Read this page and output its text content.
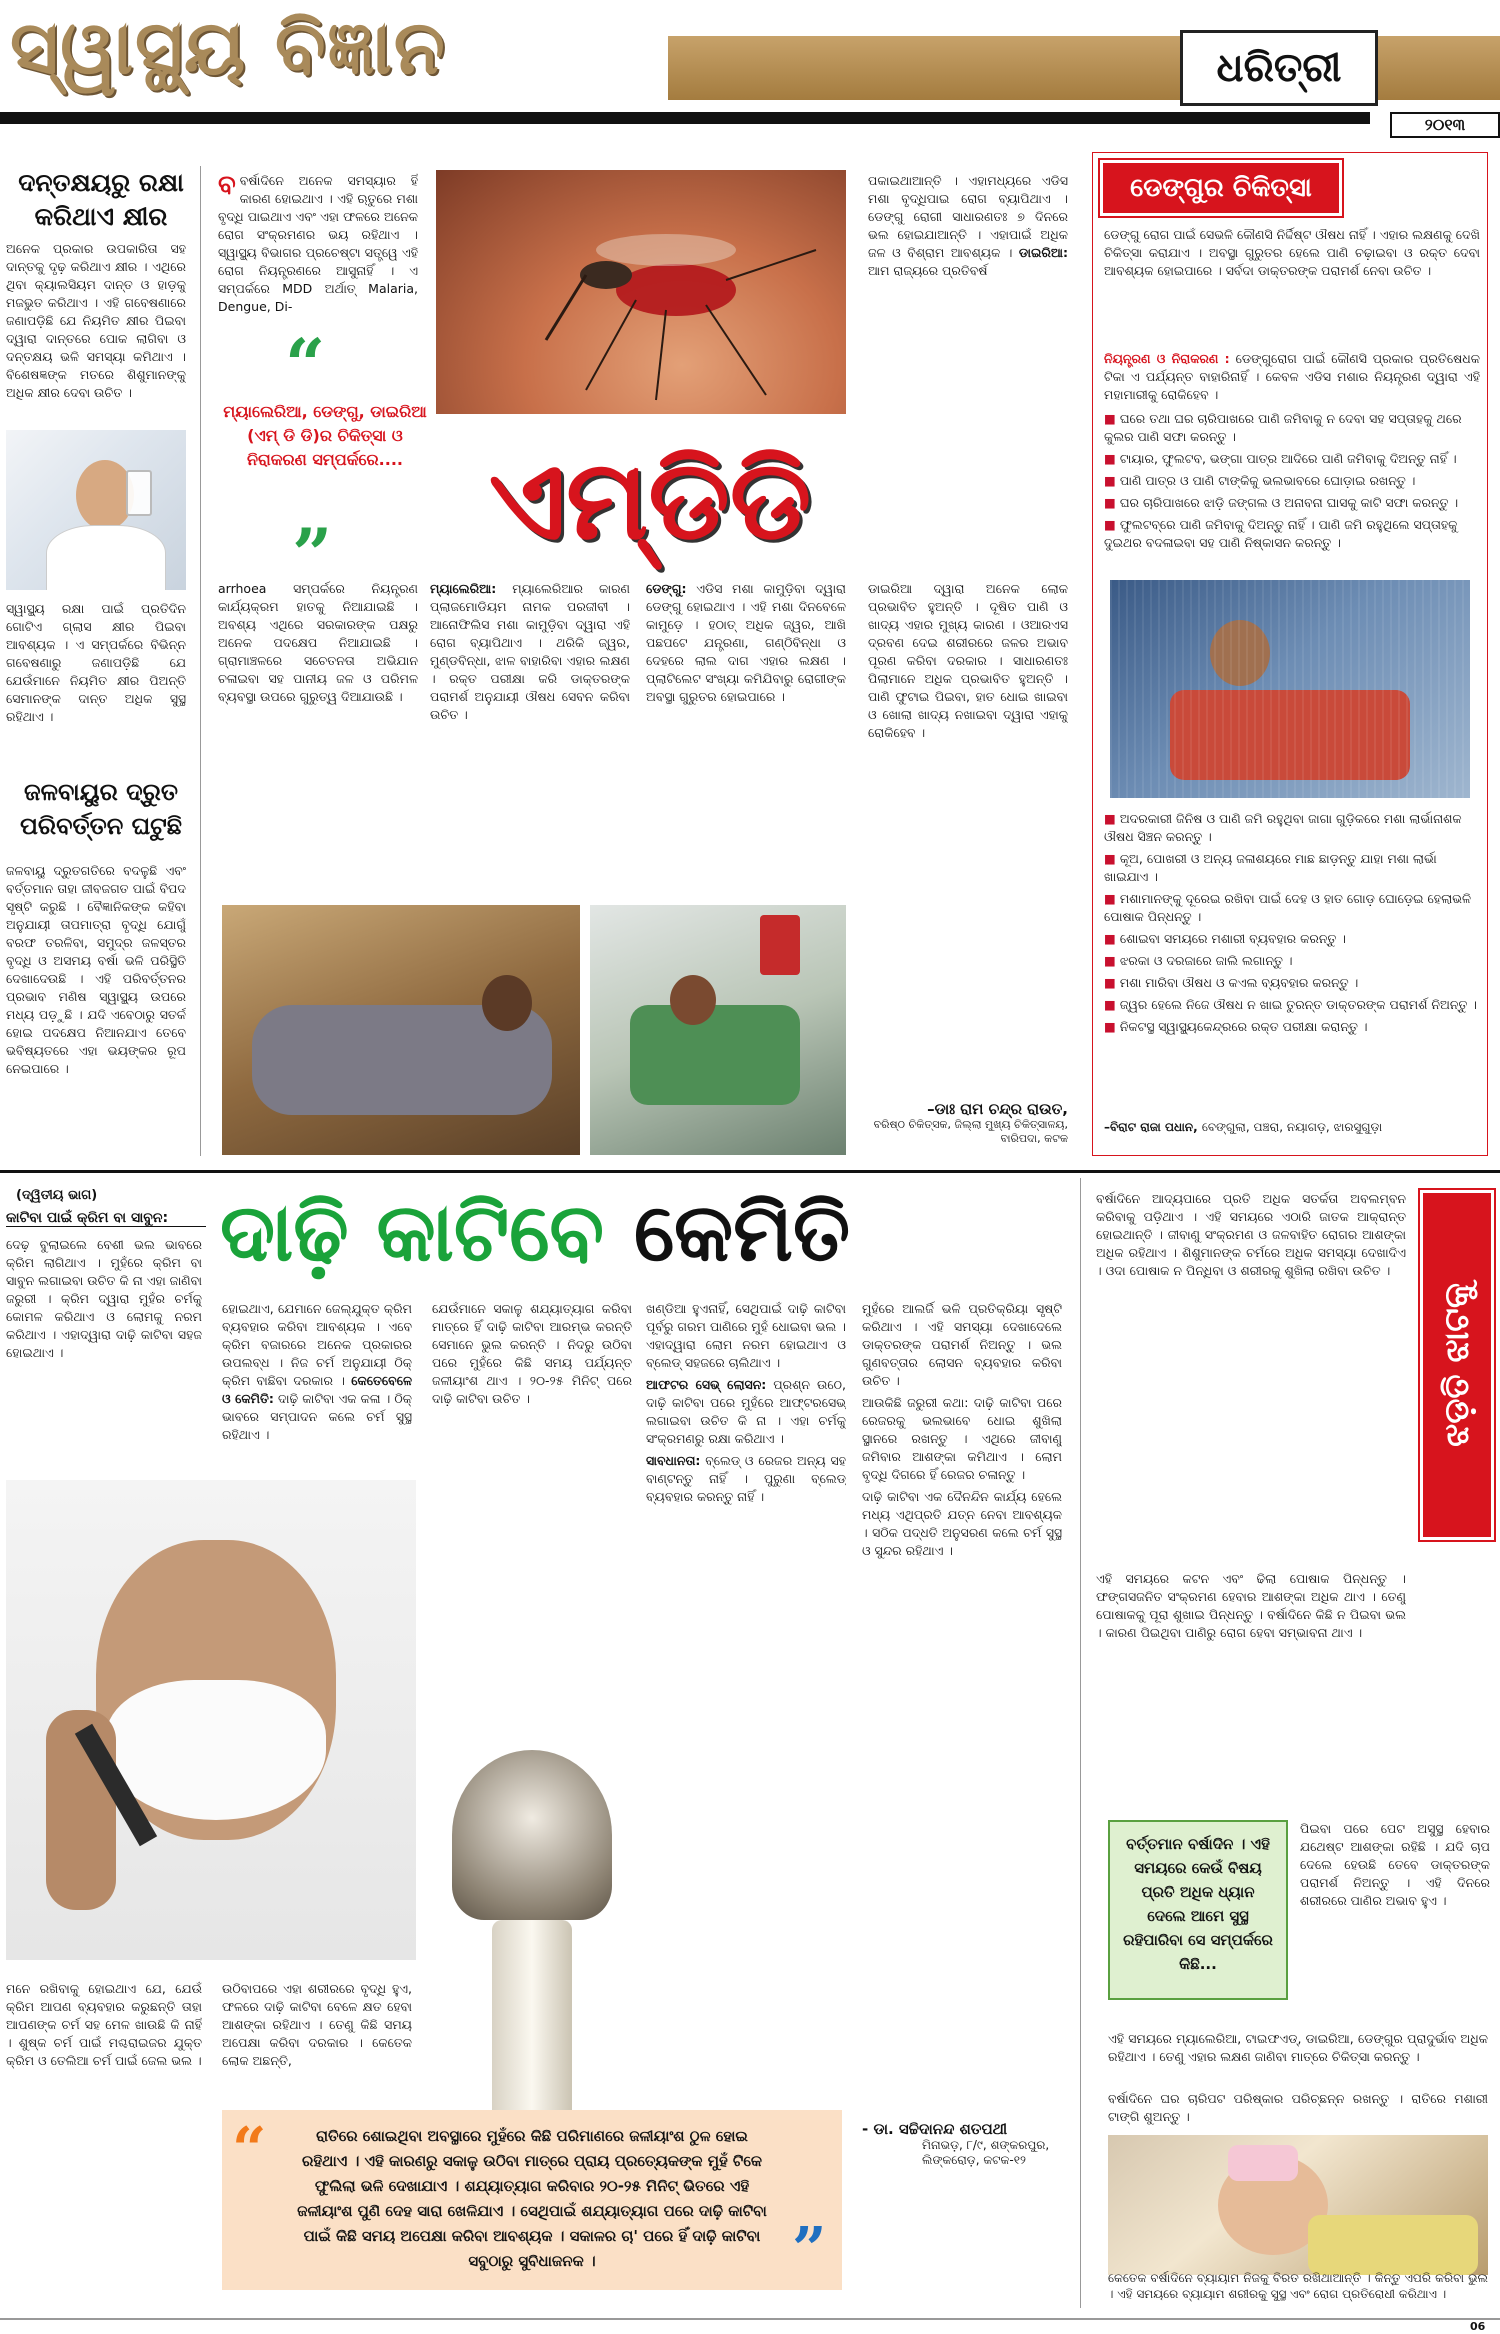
ସ୍ୱାସ୍ଥ୍ୟ ବିଜ୍ଞାନ	ଧରିତ୍ରୀ
୨୦୧୩
ଦନ୍ତକ୍ଷୟରୁ ରକ୍ଷା
କରିଥାଏ କ୍ଷୀର
ଅନେକ ପ୍ରକାର ଉପକାରିତା ସହ ଦାନ୍ତକୁ ଦୃଢ଼ କରିଥାଏ କ୍ଷୀର । ଏଥିରେ ଥିବା କ୍ୟାଲସିୟମ ଦାନ୍ତ ଓ ହାଡ଼କୁ ମଜଭୁତ କରିଥାଏ । ଏହି ଗବେଷଣାରେ ଜଣାପଡ଼ିଛି ଯେ ନିୟମିତ କ୍ଷୀର ପିଇବା ଦ୍ୱାରା ଦାନ୍ତରେ ପୋକ ଲାଗିବା ଓ ଦନ୍ତକ୍ଷୟ ଭଳି ସମସ୍ୟା କମିଥାଏ । ବିଶେଷଜ୍ଞଙ୍କ ମତରେ ଶିଶୁମାନଙ୍କୁ ଅଧିକ କ୍ଷୀର ଦେବା ଉଚିତ ।
ସ୍ୱାସ୍ଥ୍ୟ ରକ୍ଷା ପାଇଁ ପ୍ରତିଦିନ ଗୋଟିଏ ଗ୍ଲାସ କ୍ଷୀର ପିଇବା ଆବଶ୍ୟକ । ଏ ସମ୍ପର୍କରେ ବିଭିନ୍ନ ଗବେଷଣାରୁ ଜଣାପଡ଼ିଛି ଯେ ଯେଉଁମାନେ ନିୟମିତ କ୍ଷୀର ପିଅନ୍ତି ସେମାନଙ୍କ ଦାନ୍ତ ଅଧିକ ସୁସ୍ଥ ରହିଥାଏ ।
ଜଳବାୟୁର ଦ୍ରୁତ ପରିବର୍ତ୍ତନ ଘଟୁଛି
ଜଳବାୟୁ ଦ୍ରୁତଗତିରେ ବଦଳୁଛି ଏବଂ ବର୍ତ୍ତମାନ ତାହା ଜୀବଜଗତ ପାଇଁ ବିପଦ ସୃଷ୍ଟି କରୁଛି । ବୈଜ୍ଞାନିକଙ୍କ କହିବା ଅନୁଯାୟୀ ତାପମାତ୍ରା ବୃଦ୍ଧି ଯୋଗୁଁ ବରଫ ତରଳିବା, ସମୁଦ୍ର ଜଳସ୍ତର ବୃଦ୍ଧି ଓ ଅସମୟ ବର୍ଷା ଭଳି ପରିସ୍ଥିତି ଦେଖାଦେଉଛି । ଏହି ପରିବର୍ତ୍ତନର ପ୍ରଭାବ ମଣିଷ ସ୍ୱାସ୍ଥ୍ୟ ଉପରେ ମଧ୍ୟ ପଡ଼ୁଛି । ଯଦି ଏବେଠାରୁ ସତର୍କ ହୋଇ ପଦକ୍ଷେପ ନିଆନଯାଏ ତେବେ ଭବିଷ୍ୟତରେ ଏହା ଭୟଙ୍କର ରୂପ ନେଇପାରେ ।
ବ ବର୍ଷାଦିନେ ଅନେକ ସମସ୍ୟାର ହିଁ କାରଣ ହୋଇଥାଏ । ଏହି ଋତୁରେ ମଶା ବୃଦ୍ଧି ପାଇଥାଏ ଏବଂ ଏହା ଫଳରେ ଅନେକ ରୋଗ ସଂକ୍ରମଣର ଭୟ ରହିଥାଏ । ସ୍ୱାସ୍ଥ୍ୟ ବିଭାଗର ପ୍ରଚେଷ୍ଟା ସତ୍ତ୍ୱେ ଏହି ରୋଗ ନିୟନ୍ତ୍ରଣରେ ଆସୁନାହିଁ । ଏ ସମ୍ପର୍କରେ MDD ଅର୍ଥାତ୍ Malaria, Dengue, Di-
“
ମ୍ୟାଲେରିଆ, ଡେଙ୍ଗୁ, ଡାଇରିଆ (ଏମ୍ ଡି ଡି)ର ଚିକିତ୍ସା ଓ ନିରାକରଣ ସମ୍ପର୍କରେ....
”	ଏମ୍‌ଡିଡି
arrhoea ସମ୍ପର୍କରେ ନିୟନ୍ତ୍ରଣ କାର୍ଯ୍ୟକ୍ରମ ହାତକୁ ନିଆଯାଇଛି । ଅବଶ୍ୟ ଏଥିରେ ସରକାରଙ୍କ ପକ୍ଷରୁ ଅନେକ ପଦକ୍ଷେପ ନିଆଯାଇଛି । ଗ୍ରାମାଞ୍ଚଳରେ ସଚେତନତା ଅଭିଯାନ ଚଳାଇବା ସହ ପାନୀୟ ଜଳ ଓ ପରିମଳ ବ୍ୟବସ୍ଥା ଉପରେ ଗୁରୁତ୍ୱ ଦିଆଯାଉଛି ।
ମ୍ୟାଲେରିଆ: ମ୍ୟାଲେରିଆର କାରଣ ପ୍ଲାଜମୋଡିୟମ ନାମକ ପରଜୀବୀ । ଆନୋଫିଲିସ ମଶା କାମୁଡ଼ିବା ଦ୍ୱାରା ଏହି ରୋଗ ବ୍ୟାପିଥାଏ । ଥରିକି ଜ୍ୱର, ମୁଣ୍ଡବିନ୍ଧା, ଝାଳ ବାହାରିବା ଏହାର ଲକ୍ଷଣ । ରକ୍ତ ପରୀକ୍ଷା କରି ଡାକ୍ତରଙ୍କ ପରାମର୍ଶ ଅନୁଯାୟୀ ଔଷଧ ସେବନ କରିବା ଉଚିତ ।
ଡେଙ୍ଗୁ: ଏଡିସ ମଶା କାମୁଡ଼ିବା ଦ୍ୱାରା ଡେଙ୍ଗୁ ହୋଇଥାଏ । ଏହି ମଶା ଦିନବେଳେ କାମୁଡ଼େ । ହଠାତ୍ ଅଧିକ ଜ୍ୱର, ଆଖି ପଛପଟେ ଯନ୍ତ୍ରଣା, ଗଣ୍ଠିବିନ୍ଧା ଓ ଦେହରେ ଲାଲ ଦାଗ ଏହାର ଲକ୍ଷଣ । ପ୍ଲାଟିଲେଟ ସଂଖ୍ୟା କମିଯିବାରୁ ରୋଗୀଙ୍କ ଅବସ୍ଥା ଗୁରୁତର ହୋଇପାରେ ।
ପକାଇଥାଆନ୍ତି । ଏହାମଧ୍ୟରେ ଏଡିସ ମଶା ବୃଦ୍ଧିପାଇ ରୋଗ ବ୍ୟାପିଥାଏ । ଡେଙ୍ଗୁ ରୋଗୀ ସାଧାରଣତଃ ୭ ଦିନରେ ଭଲ ହୋଇଯାଆନ୍ତି । ଏହାପାଇଁ ଅଧିକ ଜଳ ଓ ବିଶ୍ରାମ ଆବଶ୍ୟକ । ଡାଇରିଆ: ଆମ ରାଜ୍ୟରେ ପ୍ରତିବର୍ଷ
ଡାଇରିଆ ଦ୍ୱାରା ଅନେକ ଲୋକ ପ୍ରଭାବିତ ହୁଅନ୍ତି । ଦୂଷିତ ପାଣି ଓ ଖାଦ୍ୟ ଏହାର ମୁଖ୍ୟ କାରଣ । ଓଆରଏସ ଦ୍ରବଣ ଦେଇ ଶରୀରରେ ଜଳର ଅଭାବ ପୂରଣ କରିବା ଦରକାର । ସାଧାରଣତଃ ପିଲାମାନେ ଅଧିକ ପ୍ରଭାବିତ ହୁଅନ୍ତି । ପାଣି ଫୁଟାଇ ପିଇବା, ହାତ ଧୋଇ ଖାଇବା ଓ ଖୋଲା ଖାଦ୍ୟ ନଖାଇବା ଦ୍ୱାରା ଏହାକୁ ରୋକିହେବ ।
–ଡାଃ ରାମ ଚନ୍ଦ୍ର ରାଉତ,
ବରିଷ୍ଠ ଚିକିତ୍ସକ, ଜିଲ୍ଲା ମୁଖ୍ୟ ଚିକିତ୍ସାଳୟ, ବାରିପଦା, କଟକ
ଡେଙ୍ଗୁର ଚିକିତ୍ସା
ଡେଙ୍ଗୁ ରୋଗ ପାଇଁ ସେଭଳି କୌଣସି ନିର୍ଦ୍ଦିଷ୍ଟ ଔଷଧ ନାହିଁ । ଏହାର ଲକ୍ଷଣକୁ ଦେଖି ଚିକିତ୍ସା କରାଯାଏ । ଅବସ୍ଥା ଗୁରୁତର ହେଲେ ପାଣି ଚଢ଼ାଇବା ଓ ରକ୍ତ ଦେବା ଆବଶ୍ୟକ ହୋଇପାରେ । ସର୍ବଦା ଡାକ୍ତରଙ୍କ ପରାମର୍ଶ ନେବା ଉଚିତ ।
ନିୟନ୍ତ୍ରଣ ଓ ନିରାକରଣ : ଡେଙ୍ଗୁରୋଗ ପାଇଁ କୌଣସି ପ୍ରକାର ପ୍ରତିଷେଧକ ଟିକା ଏ ପର୍ଯ୍ୟନ୍ତ ବାହାରିନାହିଁ । କେବଳ ଏଡିସ ମଶାର ନିୟନ୍ତ୍ରଣ ଦ୍ୱାରା ଏହି ମହାମାରୀକୁ ରୋକିହେବ ।
■ ଘରେ ତଥା ଘର ଚାରିପାଖରେ ପାଣି ଜମିବାକୁ ନ ଦେବା ସହ ସପ୍ତାହକୁ ଥରେ କୁଲର ପାଣି ସଫା କରନ୍ତୁ ।
■ ଟାୟାର, ଫୁଲଟବ, ଭଙ୍ଗା ପାତ୍ର ଆଦିରେ ପାଣି ଜମିବାକୁ ଦିଅନ୍ତୁ ନାହିଁ ।
■ ପାଣି ପାତ୍ର ଓ ପାଣି ଟାଙ୍କିକୁ ଭଲଭାବରେ ଘୋଡ଼ାଇ ରଖନ୍ତୁ ।
■ ଘର ଚାରିପାଖରେ ଝାଡ଼ି ଜଙ୍ଗଲ ଓ ଅନାବନା ଘାସକୁ କାଟି ସଫା କରନ୍ତୁ ।
■ ଫୁଲଟବ୍‌ରେ ପାଣି ଜମିବାକୁ ଦିଅନ୍ତୁ ନାହିଁ । ପାଣି ଜମି ରହୁଥିଲେ ସପ୍ତାହକୁ ଦୁଇଥର ବଦଳାଇବା ସହ ପାଣି ନିଷ୍କାସନ କରନ୍ତୁ ।
■ ଅଦରକାରୀ ଜିନିଷ ଓ ପାଣି ଜମି ରହୁଥିବା ଜାଗା ଗୁଡ଼ିକରେ ମଶା ଲାର୍ଭାନାଶକ ଔଷଧ ସିଞ୍ଚନ କରନ୍ତୁ ।
■ କୂଅ, ପୋଖରୀ ଓ ଅନ୍ୟ ଜଳାଶୟରେ ମାଛ ଛାଡ଼ନ୍ତୁ ଯାହା ମଶା ଲାର୍ଭା ଖାଇଯାଏ ।
■ ମଶାମାନଙ୍କୁ ଦୂରେଇ ରଖିବା ପାଇଁ ଦେହ ଓ ହାତ ଗୋଡ଼ ଘୋଡ଼େଇ ହେଲାଭଳି ପୋଷାକ ପିନ୍ଧନ୍ତୁ ।
■ ଶୋଇବା ସମୟରେ ମଶାରୀ ବ୍ୟବହାର କରନ୍ତୁ ।
■ ଝରକା ଓ ଦରଜାରେ ଜାଲି ଲଗାନ୍ତୁ ।
■ ମଶା ମାରିବା ଔଷଧ ଓ କଏଲ ବ୍ୟବହାର କରନ୍ତୁ ।
■ ଜ୍ୱର ହେଲେ ନିଜେ ଔଷଧ ନ ଖାଇ ତୁରନ୍ତ ଡାକ୍ତରଙ୍କ ପରାମର୍ଶ ନିଅନ୍ତୁ ।
■ ନିକଟସ୍ଥ ସ୍ୱାସ୍ଥ୍ୟକେନ୍ଦ୍ରରେ ରକ୍ତ ପରୀକ୍ଷା କରାନ୍ତୁ ।
–ବିରାଟ ରାଜା ପଧାନ, ବେଙ୍ଗୁଲା, ପଞ୍ଚରା, ନୟାଗଡ଼, ଝାରସୁଗୁଡ଼ା
(ଦ୍ୱିତୀୟ ଭାଗ)
କାଟିବା ପାଇଁ କ୍ରିମ ବା ସାବୁନ:
ଦେଢ଼ ବୁଲାଇଲେ ବେଶୀ ଭଲ ଭାବରେ କ୍ରିମ ଲାଗିଥାଏ । ମୁହଁରେ କ୍ରିମ ବା ସାବୁନ ଲଗାଇବା ଉଚିତ କି ନା ଏହା ଜାଣିବା ଜରୁରୀ । କ୍ରିମ ଦ୍ୱାରା ମୁହଁର ଚର୍ମକୁ କୋମଳ କରିଥାଏ ଓ ଲୋମକୁ ନରମ କରିଥାଏ । ଏହାଦ୍ୱାରା ଦାଢ଼ି କାଟିବା ସହଜ ହୋଇଥାଏ ।
ଦାଢ଼ି କାଟିବେ କେମିତି
ହୋଇଥାଏ, ଯେମାନେ ଜେଲ୍‌ଯୁକ୍ତ କ୍ରିମ ବ୍ୟବହାର କରିବା ଆବଶ୍ୟକ । ଏବେ କ୍ରିମ ବଜାରରେ ଅନେକ ପ୍ରକାରର ଉପଲବ୍ଧ । ନିଜ ଚର୍ମ ଅନୁଯାୟୀ ଠିକ୍ କ୍ରିମ ବାଛିବା ଦରକାର । କେତେବେଳେ ଓ କେମିତି: ଦାଢ଼ି କାଟିବା ଏକ କଳା । ଠିକ୍ ଭାବରେ ସମ୍ପାଦନ କଲେ ଚର୍ମ ସୁସ୍ଥ ରହିଥାଏ ।
ଯେଉଁମାନେ ସକାଳୁ ଶଯ୍ୟାତ୍ୟାଗ କରିବା ମାତ୍ରେ ହିଁ ଦାଢ଼ି କାଟିବା ଆରମ୍ଭ କରନ୍ତି ସେମାନେ ଭୁଲ କରନ୍ତି । ନିଦରୁ ଉଠିବା ପରେ ମୁହଁରେ କିଛି ସମୟ ପର୍ଯ୍ୟନ୍ତ ଜଳୀୟାଂଶ ଥାଏ । ୨୦-୨୫ ମିନିଟ୍ ପରେ ଦାଢ଼ି କାଟିବା ଉଚିତ ।
ଖଣ୍ଡିଆ ହୁଏନାହିଁ, ସେଥିପାଇଁ ଦାଢ଼ି କାଟିବା ପୂର୍ବରୁ ଗରମ ପାଣିରେ ମୁହଁ ଧୋଇବା ଭଲ । ଏହାଦ୍ୱାରା ଲୋମ ନରମ ହୋଇଥାଏ ଓ ବ୍ଲେଡ୍ ସହଜରେ ଚାଲିଥାଏ ।
ଆଫଟର ସେଭ୍ ଲୋସନ: ପ୍ରଶ୍ନ ଉଠେ, ଦାଢ଼ି କାଟିବା ପରେ ମୁହଁରେ ଆଫ୍ଟରସେଭ୍ ଲଗାଇବା ଉଚିତ କି ନା । ଏହା ଚର୍ମକୁ ସଂକ୍ରମଣରୁ ରକ୍ଷା କରିଥାଏ ।
ସାବଧାନତା: ବ୍ଲେଡ୍ ଓ ରେଜର ଅନ୍ୟ ସହ ବାଣ୍ଟନ୍ତୁ ନାହିଁ । ପୁରୁଣା ବ୍ଲେଡ୍ ବ୍ୟବହାର କରନ୍ତୁ ନାହିଁ ।
ମୁହଁରେ ଆଲର୍ଜି ଭଳି ପ୍ରତିକ୍ରିୟା ସୃଷ୍ଟି କରିଥାଏ । ଏହି ସମସ୍ୟା ଦେଖାଦେଲେ ଡାକ୍ତରଙ୍କ ପରାମର୍ଶ ନିଅନ୍ତୁ । ଭଲ ଗୁଣବତ୍ତାର ଲୋସନ ବ୍ୟବହାର କରିବା ଉଚିତ ।
ଆଉକିଛି ଜରୁରୀ କଥା: ଦାଢ଼ି କାଟିବା ପରେ ରେଜରକୁ ଭଲଭାବେ ଧୋଇ ଶୁଖିଲା ସ୍ଥାନରେ ରଖନ୍ତୁ । ଏଥିରେ ଜୀବାଣୁ ଜମିବାର ଆଶଙ୍କା କମିଥାଏ । ଲୋମ ବୃଦ୍ଧି ଦିଗରେ ହିଁ ରେଜର ଚଳାନ୍ତୁ ।
ଦାଢ଼ି କାଟିବା ଏକ ଦୈନନ୍ଦିନ କାର୍ଯ୍ୟ ହେଲେ ମଧ୍ୟ ଏଥିପ୍ରତି ଯତ୍ନ ନେବା ଆବଶ୍ୟକ । ସଠିକ ପଦ୍ଧତି ଅନୁସରଣ କଲେ ଚର୍ମ ସୁସ୍ଥ ଓ ସୁନ୍ଦର ରହିଥାଏ ।
ମନେ ରଖିବାକୁ ହୋଇଥାଏ ଯେ, ଯେଉଁ କ୍ରିମ ଆପଣ ବ୍ୟବହାର କରୁଛନ୍ତି ତାହା ଆପଣଙ୍କ ଚର୍ମ ସହ ମେଳ ଖାଉଛି କି ନାହିଁ । ଶୁଷ୍କ ଚର୍ମ ପାଇଁ ମଶ୍ଚରାଇଜର ଯୁକ୍ତ କ୍ରିମ ଓ ତେଲିଆ ଚର୍ମ ପାଇଁ ଜେଲ ଭଲ ।
ଉଠିବାପରେ ଏହା ଶରୀରରେ ବୃଦ୍ଧି ହୁଏ, ଫଳରେ ଦାଢ଼ି କାଟିବା ବେଳେ କ୍ଷତ ହେବା ଆଶଙ୍କା ରହିଥାଏ । ତେଣୁ କିଛି ସମୟ ଅପେକ୍ଷା କରିବା ଦରକାର । କେତେକ ଲୋକ ଅଛନ୍ତି,
“	ରାତିରେ ଶୋଇଥିବା ଅବସ୍ଥାରେ ମୁହଁରେ କିଛି ପରିମାଣରେ ଜଳୀୟାଂଶ ଠୁଳ ହୋଇ ରହିଥାଏ । ଏହି କାରଣରୁ ସକାଳୁ ଉଠିବା ମାତ୍ରେ ପ୍ରାୟ ପ୍ରତ୍ୟେକଙ୍କ ମୁହଁ ଟିକେ ଫୁଲିଲା ଭଳି ଦେଖାଯାଏ । ଶଯ୍ୟାତ୍ୟାଗ କରିବାର ୨୦-୨୫ ମିନିଟ୍ ଭିତରେ ଏହି ଜଳୀୟାଂଶ ପୁଣି ଦେହ ସାରା ଖେଳିଯାଏ । ସେଥିପାଇଁ ଶଯ୍ୟାତ୍ୟାଗ ପରେ ଦାଢ଼ି କାଟିବା ପାଇଁ କିଛି ସମୟ ଅପେକ୍ଷା କରିବା ଆବଶ୍ୟକ । ସକାଳର ଚା' ପରେ ହିଁ ଦାଢ଼ି କାଟିବା ସବୁଠାରୁ ସୁବିଧାଜନକ ।	”
- ଡା. ସଚ୍ଚିଦାନନ୍ଦ ଶତପଥୀ
ମିନାଭଡ଼, ୮/୯, ଶଙ୍କରପୁର,
ଲିଙ୍କରୋଡ଼, କଟକ-୧୨
ଝଡ଼ତି ଝାଟକୁ
ବର୍ଷାଦିନେ ଆଦ୍ୟପାରେ ପ୍ରତି ଅଧିକ ସତର୍କତା ଅବଲମ୍ବନ କରିବାକୁ ପଡ଼ିଥାଏ । ଏହି ସମୟରେ ଏଠାରି ଜାତକ ଆକ୍ରାନ୍ତ ହୋଇଥାନ୍ତି । ଜୀବାଣୁ ସଂକ୍ରମଣ ଓ ଜଳବାହିତ ରୋଗର ଆଶଙ୍କା ଅଧିକ ରହିଥାଏ । ଶିଶୁମାନଙ୍କ ଚର୍ମରେ ଅଧିକ ସମସ୍ୟା ଦେଖାଦିଏ । ଓଦା ପୋଷାକ ନ ପିନ୍ଧିବା ଓ ଶରୀରକୁ ଶୁଖିଲା ରଖିବା ଉଚିତ ।
ଏହି ସମୟରେ କଟନ ଏବଂ ଢିଲା ପୋଷାକ ପିନ୍ଧନ୍ତୁ । ଫଙ୍ଗସଜନିତ ସଂକ୍ରମଣ ହେବାର ଆଶଙ୍କା ଅଧିକ ଥାଏ । ତେଣୁ ପୋଷାକକୁ ପୂରା ଶୁଖାଇ ପିନ୍ଧନ୍ତୁ । ବର୍ଷାଦିନେ କିଛି ନ ପିଇବା ଭଲ । କାରଣ ପିଇଥିବା ପାଣିରୁ ରୋଗ ହେବା ସମ୍ଭାବନା ଥାଏ ।
ବର୍ତ୍ତମାନ ବର୍ଷାଦିନ । ଏହି ସମୟରେ କେଉଁ ବିଷୟ ପ୍ରତି ଅଧିକ ଧ୍ୟାନ ଦେଲେ ଆମେ ସୁସ୍ଥ ରହିପାରିବା ସେ ସମ୍ପର୍କରେ କିଛି...
ପିଇବା ପରେ ପେଟ ଅସୁସ୍ଥ ହେବାର ଯଥେଷ୍ଟ ଆଶଙ୍କା ରହିଛି । ଯଦି ଚାପ ଦେଲେ ହେଉଛି ତେବେ ଡାକ୍ତରଙ୍କ ପରାମର୍ଶ ନିଅନ୍ତୁ । ଏହି ଦିନରେ ଶରୀରରେ ପାଣିର ଅଭାବ ହୁଏ ।
ଏହି ସମୟରେ ମ୍ୟାଲେରିଆ, ଟାଇଫଏଡ୍, ଡାଇରିଆ, ଡେଙ୍ଗୁର ପ୍ରାଦୁର୍ଭାବ ଅଧିକ ରହିଥାଏ । ତେଣୁ ଏହାର ଲକ୍ଷଣ ଜାଣିବା ମାତ୍ରେ ଚିକିତ୍ସା କରନ୍ତୁ ।
ବର୍ଷାଦିନେ ଘର ଚାରିପଟ ପରିଷ୍କାର ପରିଚ୍ଛନ୍ନ ରଖନ୍ତୁ । ରାତିରେ ମଶାରୀ ଟାଙ୍ଗି ଶୁଅନ୍ତୁ ।
କେତେକ ବର୍ଷାଦିନେ ବ୍ୟାୟାମ ନିଜକୁ ବିରତ ରଖିଥାଆନ୍ତି । କିନ୍ତୁ ଏପରି କରିବା ଭୁଲ । ଏହି ସମୟରେ ବ୍ୟାୟାମ ଶରୀରକୁ ସୁସ୍ଥ ଏବଂ ରୋଗ ପ୍ରତିରୋଧୀ କରିଥାଏ ।
06
